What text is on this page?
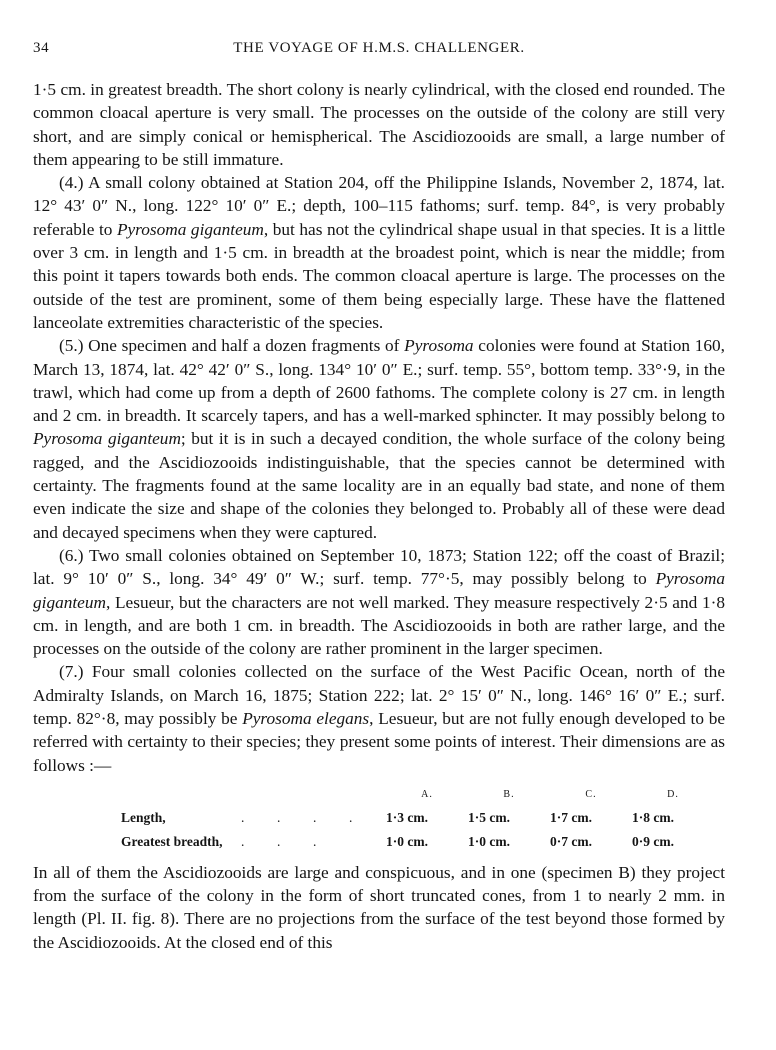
34	THE VOYAGE OF H.M.S. CHALLENGER.

1·5 cm. in greatest breadth. The short colony is nearly cylindrical, with the closed end rounded. The common cloacal aperture is very small. The processes on the outside of the colony are still very short, and are simply conical or hemispherical. The Ascidiozooids are small, a large number of them appearing to be still immature.

(4.) A small colony obtained at Station 204, off the Philippine Islands, November 2, 1874, lat. 12° 43′ 0″ N., long. 122° 10′ 0″ E.; depth, 100–115 fathoms; surf. temp. 84°, is very probably referable to Pyrosoma giganteum, but has not the cylindrical shape usual in that species. It is a little over 3 cm. in length and 1·5 cm. in breadth at the broadest point, which is near the middle; from this point it tapers towards both ends. The common cloacal aperture is large. The processes on the outside of the test are prominent, some of them being especially large. These have the flattened lanceolate extremities characteristic of the species.

(5.) One specimen and half a dozen fragments of Pyrosoma colonies were found at Station 160, March 13, 1874, lat. 42° 42′ 0″ S., long. 134° 10′ 0″ E.; surf. temp. 55°, bottom temp. 33°·9, in the trawl, which had come up from a depth of 2600 fathoms. The complete colony is 27 cm. in length and 2 cm. in breadth. It scarcely tapers, and has a well-marked sphincter. It may possibly belong to Pyrosoma giganteum; but it is in such a decayed condition, the whole surface of the colony being ragged, and the Ascidiozooids indistinguishable, that the species cannot be determined with certainty. The fragments found at the same locality are in an equally bad state, and none of them even indicate the size and shape of the colonies they belonged to. Probably all of these were dead and decayed specimens when they were captured.

(6.) Two small colonies obtained on September 10, 1873; Station 122; off the coast of Brazil; lat. 9° 10′ 0″ S., long. 34° 49′ 0″ W.; surf. temp. 77°·5, may possibly belong to Pyrosoma giganteum, Lesueur, but the characters are not well marked. They measure respectively 2·5 and 1·8 cm. in length, and are both 1 cm. in breadth. The Ascidiozooids in both are rather large, and the processes on the outside of the colony are rather prominent in the larger specimen.

(7.) Four small colonies collected on the surface of the West Pacific Ocean, north of the Admiralty Islands, on March 16, 1875; Station 222; lat. 2° 15′ 0″ N., long. 146° 16′ 0″ E.; surf. temp. 82°·8, may possibly be Pyrosoma elegans, Lesueur, but are not fully enough developed to be referred with certainty to their species; they present some points of interest. Their dimensions are as follows :—

		A.	B.	C.	D.
Length,	. . . .	1·3 cm.	1·5 cm.	1·7 cm.	1·8 cm.
Greatest breadth,	. . .	1·0 cm.	1·0 cm.	0·7 cm.	0·9 cm.

In all of them the Ascidiozooids are large and conspicuous, and in one (specimen B) they project from the surface of the colony in the form of short truncated cones, from 1 to nearly 2 mm. in length (Pl. II. fig. 8). There are no projections from the surface of the test beyond those formed by the Ascidiozooids. At the closed end of this
